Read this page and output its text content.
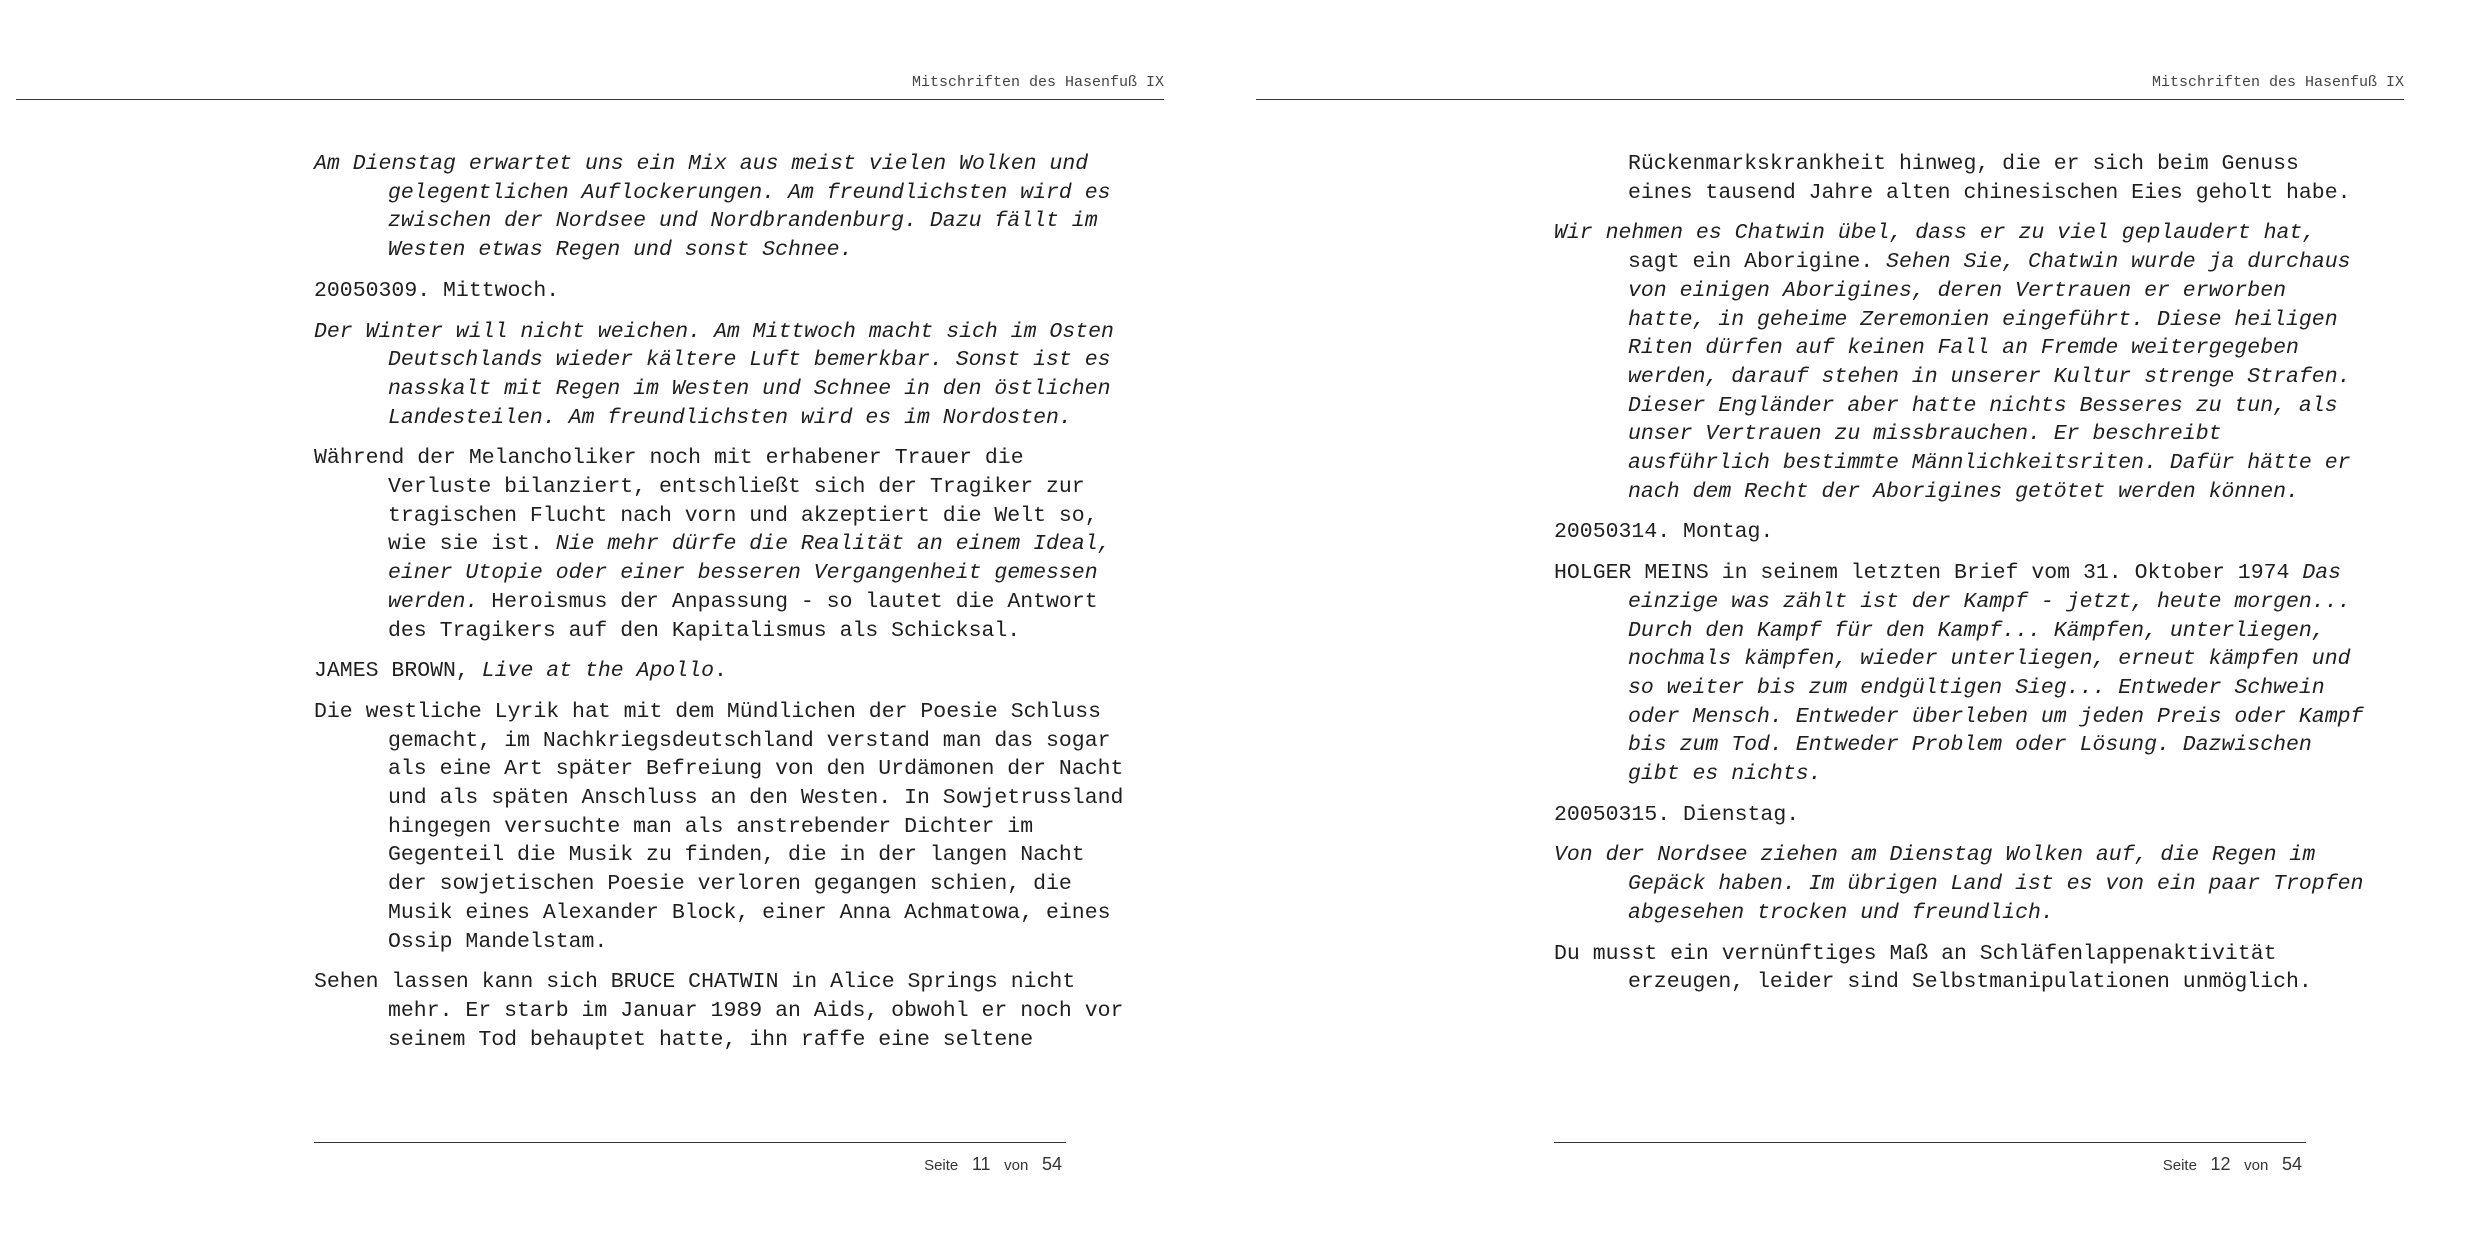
Mitschriften des Hasenfuß IX

Am Dienstag erwartet uns ein Mix aus meist vielen Wolken und gelegentlichen Auflockerungen. Am freundlichsten wird es zwischen der Nordsee und Nordbrandenburg. Dazu fällt im Westen etwas Regen und sonst Schnee.

20050309. Mittwoch.

Der Winter will nicht weichen. Am Mittwoch macht sich im Osten Deutschlands wieder kältere Luft bemerkbar. Sonst ist es nasskalt mit Regen im Westen und Schnee in den östlichen Landesteilen. Am freundlichsten wird es im Nordosten.

Während der Melancholiker noch mit erhabener Trauer die Verluste bilanziert, entschließt sich der Tragiker zur tragischen Flucht nach vorn und akzeptiert die Welt so, wie sie ist. Nie mehr dürfe die Realität an einem Ideal, einer Utopie oder einer besseren Vergangenheit gemessen werden. Heroismus der Anpassung - so lautet die Antwort des Tragikers auf den Kapitalismus als Schicksal.

JAMES BROWN, Live at the Apollo.

Die westliche Lyrik hat mit dem Mündlichen der Poesie Schluss gemacht, im Nachkriegsdeutschland verstand man das sogar als eine Art später Befreiung von den Urdämonen der Nacht und als späten Anschluss an den Westen. In Sowjetrussland hingegen versuchte man als anstrebender Dichter im Gegenteil die Musik zu finden, die in der langen Nacht der sowjetischen Poesie verloren gegangen schien, die Musik eines Alexander Block, einer Anna Achmatowa, eines Ossip Mandelstam.

Sehen lassen kann sich BRUCE CHATWIN in Alice Springs nicht mehr. Er starb im Januar 1989 an Aids, obwohl er noch vor seinem Tod behauptet hatte, ihn raffe eine seltene

Seite 11 von 54
Mitschriften des Hasenfuß IX

Rückenmarkskrankheit hinweg, die er sich beim Genuss eines tausend Jahre alten chinesischen Eies geholt habe.

Wir nehmen es Chatwin übel, dass er zu viel geplaudert hat, sagt ein Aborigine. Sehen Sie, Chatwin wurde ja durchaus von einigen Aborigines, deren Vertrauen er erworben hatte, in geheime Zeremonien eingeführt. Diese heiligen Riten dürfen auf keinen Fall an Fremde weitergegeben werden, darauf stehen in unserer Kultur strenge Strafen. Dieser Engländer aber hatte nichts Besseres zu tun, als unser Vertrauen zu missbrauchen. Er beschreibt ausführlich bestimmte Männlichkeitsriten. Dafür hätte er nach dem Recht der Aborigines getötet werden können.

20050314. Montag.

HOLGER MEINS in seinem letzten Brief vom 31. Oktober 1974 Das einzige was zählt ist der Kampf - jetzt, heute morgen... Durch den Kampf für den Kampf... Kämpfen, unterliegen, nochmals kämpfen, wieder unterliegen, erneut kämpfen und so weiter bis zum endgültigen Sieg... Entweder Schwein oder Mensch. Entweder überleben um jeden Preis oder Kampf bis zum Tod. Entweder Problem oder Lösung. Dazwischen gibt es nichts.

20050315. Dienstag.

Von der Nordsee ziehen am Dienstag Wolken auf, die Regen im Gepäck haben. Im übrigen Land ist es von ein paar Tropfen abgesehen trocken und freundlich.

Du musst ein vernünftiges Maß an Schläfenlappenaktivität erzeugen, leider sind Selbstmanipulationen unmöglich.

Seite 12 von 54
